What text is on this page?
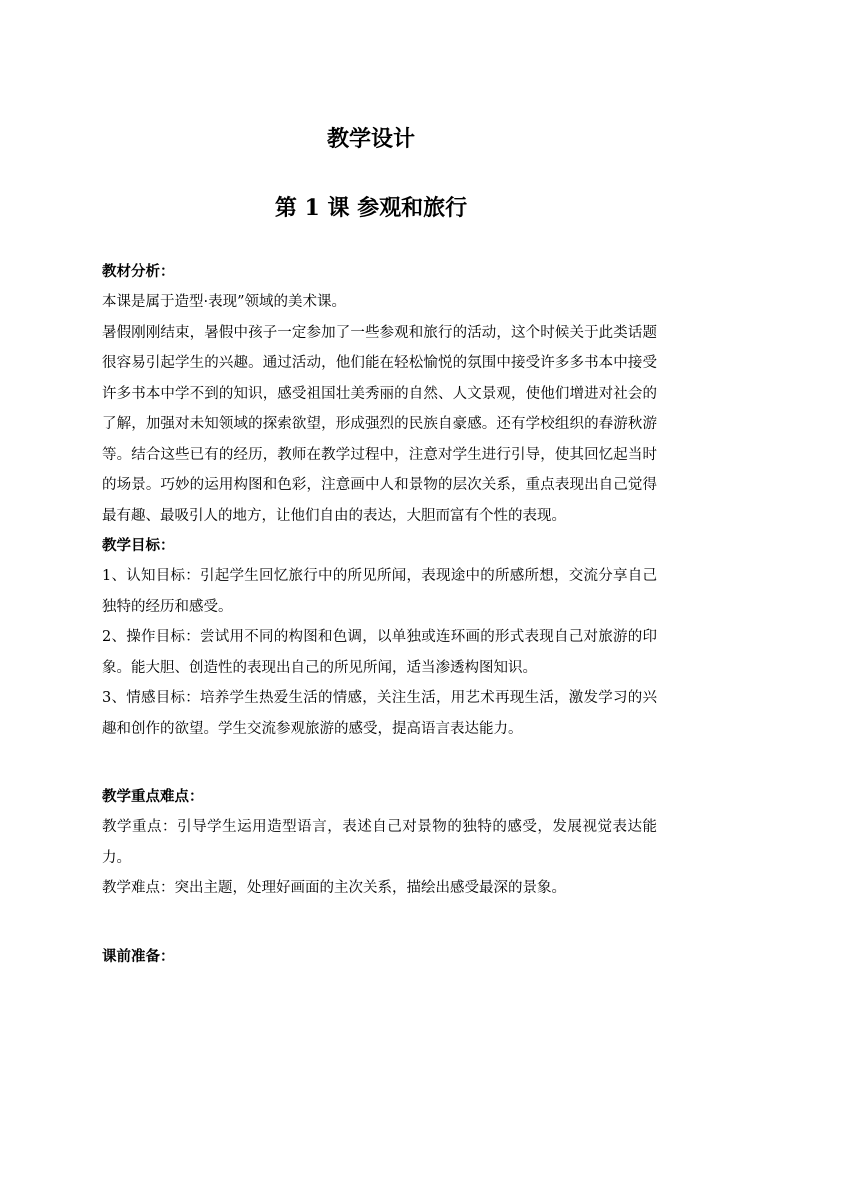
教学设计
第 1 课 参观和旅行
教材分析：
本课是属于造型·表现”领域的美术课。
暑假刚刚结束，暑假中孩子一定参加了一些参观和旅行的活动，这个时候关于此类话题很容易引起学生的兴趣。通过活动，他们能在轻松愉悦的氛围中接受许多多书本中接受许多书本中学不到的知识，感受祖国壮美秀丽的自然、人文景观，使他们增进对社会的了解，加强对未知领域的探索欲望，形成强烈的民族自豪感。还有学校组织的春游秋游等。结合这些已有的经历，教师在教学过程中，注意对学生进行引导，使其回忆起当时的场景。巧妙的运用构图和色彩，注意画中人和景物的层次关系，重点表现出自己觉得最有趣、最吸引人的地方，让他们自由的表达，大胆而富有个性的表现。
教学目标：
1、认知目标：引起学生回忆旅行中的所见所闻，表现途中的所感所想，交流分享自己独特的经历和感受。
2、操作目标：尝试用不同的构图和色调，以单独或连环画的形式表现自己对旅游的印象。能大胆、创造性的表现出自己的所见所闻，适当渗透构图知识。
3、情感目标：培养学生热爱生活的情感，关注生活，用艺术再现生活，激发学习的兴趣和创作的欲望。学生交流参观旅游的感受，提高语言表达能力。
教学重点难点：
教学重点：引导学生运用造型语言，表述自己对景物的独特的感受，发展视觉表达能力。
教学难点：突出主题，处理好画面的主次关系，描绘出感受最深的景象。
课前准备：
